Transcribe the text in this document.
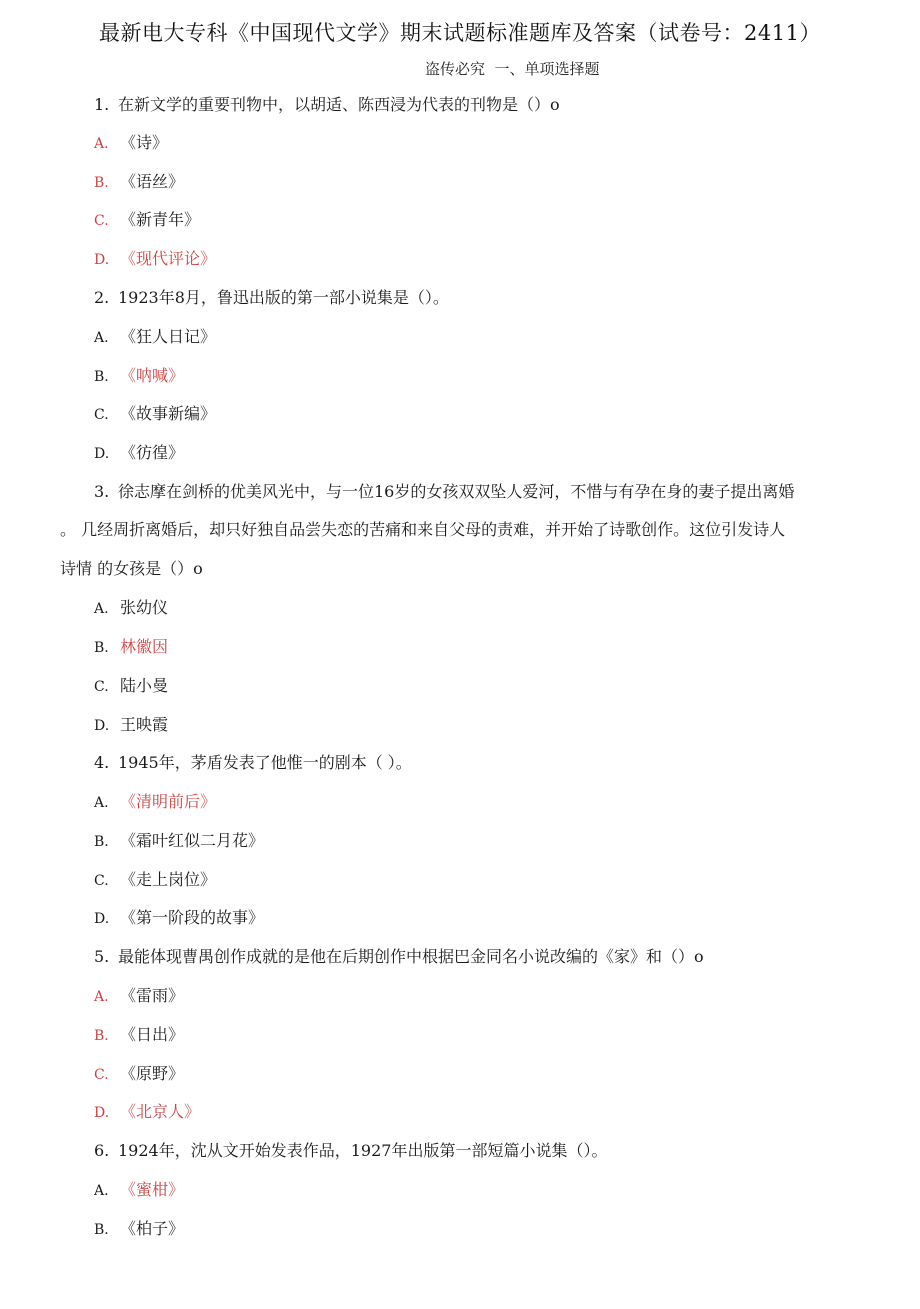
最新电大专科《中国现代文学》期末试题标准题库及答案（试卷号：2411）
盗传必究  一、单项选择题
1. 在新文学的重要刊物中，以胡适、陈西浸为代表的刊物是（）o
A. 《诗》
B. 《语丝》
C. 《新青年》
D. 《现代评论》
2. 1923年8月，鲁迅出版的第一部小说集是（）。
A. 《狂人日记》
B. 《呐喊》
C. 《故事新编》
D. 《彷徨》
3. 徐志摩在剑桥的优美风光中，与一位16岁的女孩双双坠人爱河，不惜与有孕在身的妻子提出离婚
。 几经周折离婚后，却只好独自品尝失恋的苦痛和来自父母的责难，并开始了诗歌创作。这位引发诗人
诗情 的女孩是（）o
A. 张幼仪
B. 林徽因
C. 陆小曼
D. 王映霞
4. 1945年，茅盾发表了他惟一的剧本（ ）。
A. 《清明前后》
B. 《霜叶红似二月花》
C. 《走上岗位》
D. 《第一阶段的故事》
5. 最能体现曹禺创作成就的是他在后期创作中根据巴金同名小说改编的《家》和（）o
A. 《雷雨》
B. 《日出》
C. 《原野》
D. 《北京人》
6. 1924年，沈从文开始发表作品，1927年出版第一部短篇小说集（）。
A. 《蜜柑》
B. 《柏子》
